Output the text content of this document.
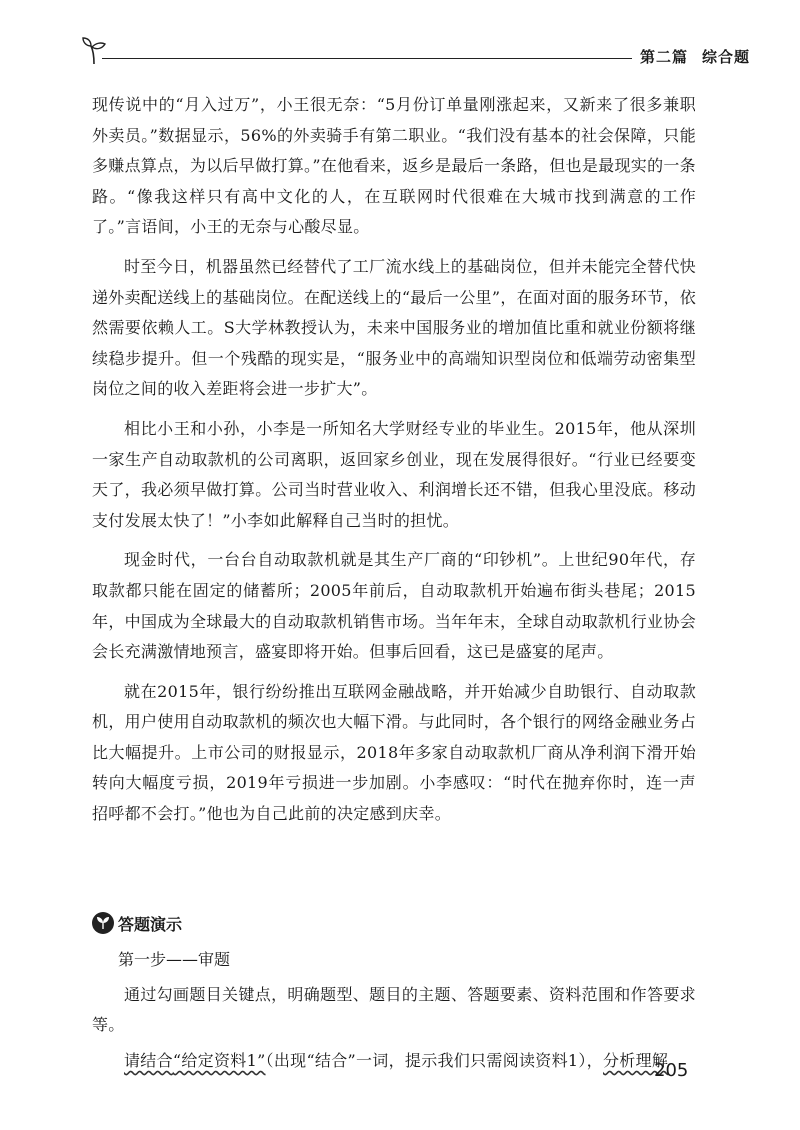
第二篇 综合题

现传说中的“月入过万”，小王很无奈：“5月份订单量刚涨起来，又新来了很多兼职外卖员。”数据显示，56%的外卖骑手有第二职业。“我们没有基本的社会保障，只能多赚点算点，为以后早做打算。”在他看来，返乡是最后一条路，但也是最现实的一条路。“像我这样只有高中文化的人，在互联网时代很难在大城市找到满意的工作了。”言语间，小王的无奈与心酸尽显。

时至今日，机器虽然已经替代了工厂流水线上的基础岗位，但并未能完全替代快递外卖配送线上的基础岗位。在配送线上的“最后一公里”，在面对面的服务环节，依然需要依赖人工。S大学林教授认为，未来中国服务业的增加值比重和就业份额将继续稳步提升。但一个残酷的现实是，“服务业中的高端知识型岗位和低端劳动密集型岗位之间的收入差距将会进一步扩大”。

相比小王和小孙，小李是一所知名大学财经专业的毕业生。2015年，他从深圳一家生产自动取款机的公司离职，返回家乡创业，现在发展得很好。“行业已经要变天了，我必须早做打算。公司当时营业收入、利润增长还不错，但我心里没底。移动支付发展太快了！”小李如此解释自己当时的担忧。

现金时代，一台台自动取款机就是其生产厂商的“印钞机”。上世纪90年代，存取款都只能在固定的储蓄所；2005年前后，自动取款机开始遍布街头巷尾；2015年，中国成为全球最大的自动取款机销售市场。当年年末，全球自动取款机行业协会会长充满激情地预言，盛宴即将开始。但事后回看，这已是盛宴的尾声。

就在2015年，银行纷纷推出互联网金融战略，并开始减少自助银行、自动取款机，用户使用自动取款机的频次也大幅下滑。与此同时，各个银行的网络金融业务占比大幅提升。上市公司的财报显示，2018年多家自动取款机厂商从净利润下滑开始转向大幅度亏损，2019年亏损进一步加剧。小李感叹：“时代在抛弃你时，连一声招呼都不会打。”他也为自己此前的决定感到庆幸。

答题演示
第一步——审题
通过勾画题目关键点，明确题型、题目的主题、答题要素、资料范围和作答要求等。
请结合“给定资料1”（出现“结合”一词，提示我们只需阅读资料1），分析理解
205
